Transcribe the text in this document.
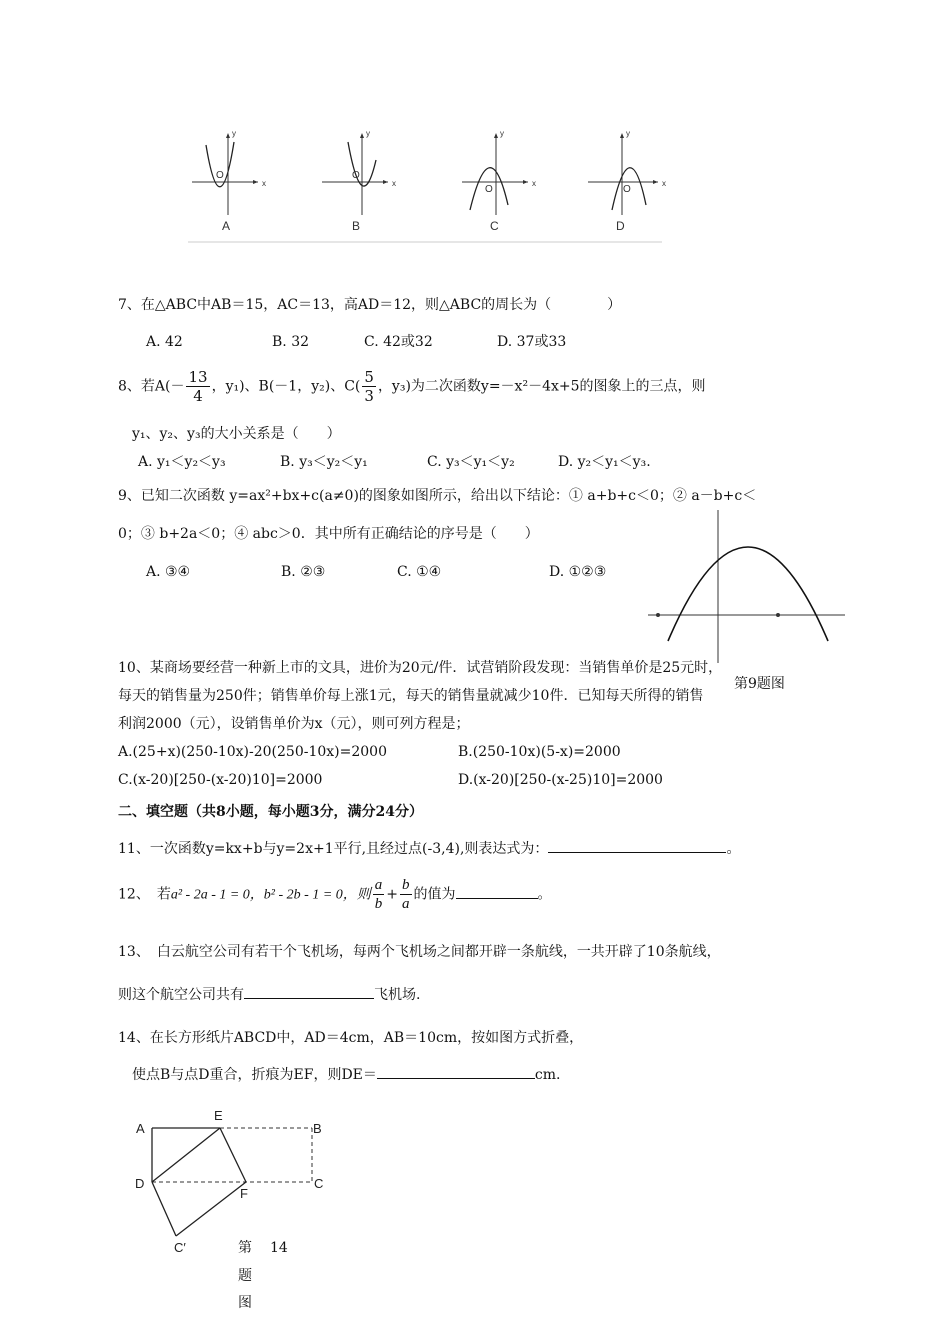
O
x
y
A
O
x
y
B
O
x
y
C
O
x
y
D
7、在△ABC中AB＝15，AC＝13，高AD＝12，则△ABC的周长为（　　　　）
A. 42	B. 32	C. 42或32	D. 37或33
8、若$A(- \frac{13}{4}$ ，y₁)、B(－1，y₂)、$C( \frac{5}{3}$ ，y₃)为二次函数y=－x²－4x+5的图象上的三点，则
y₁、y₂、y₃的大小关系是（　　）
A. y₁＜y₂＜y₃	B. y₃＜y₂＜y₁	C. y₃＜y₁＜y₂	D. y₂＜y₁＜y₃.
9、已知二次函数 y=ax²+bx+c(a≠0)的图象如图所示，给出以下结论：① a+b+c＜0；② a－b+c＜
0；③ b+2a＜0；④ abc＞0．其中所有正确结论的序号是（　　）
A. ③④	B. ②③	C. ①④	D. ①②③
第9题图
10、某商场要经营一种新上市的文具，进价为20元/件．试营销阶段发现：当销售单价是25元时，
每天的销售量为250件；销售单价每上涨1元，每天的销售量就减少10件．已知每天所得的销售
利润2000（元），设销售单价为x（元），则可列方程是；
A.(25+x)(250-10x)-20(250-10x)=2000	B.(250-10x)(5-x)=2000
C.(x-20)[250-(x-20)10]=2000	D.(x-20)[250-(x-25)10]=2000
二、填空题（共8小题，每小题3分，满分24分）
11、一次函数y=kx+b与y=2x+1平行,且经过点(-3,4),则表达式为：	。
12、　若a² - 2a - 1 = 0，b² - 2b - 1 = 0，则 $\frac{a}{b} + \frac{b}{a}$ 的值为	。
13、　白云航空公司有若干个飞机场，每两个飞机场之间都开辟一条航线，一共开辟了10条航线，
则这个航空公司共有	飞机场.
14、在长方形纸片ABCD中，AD＝4cm，AB＝10cm，按如图方式折叠，
使点B与点D重合，折痕为EF，则DE＝	cm.
A
E
B
D
F
C
C′	第 14
题
图
